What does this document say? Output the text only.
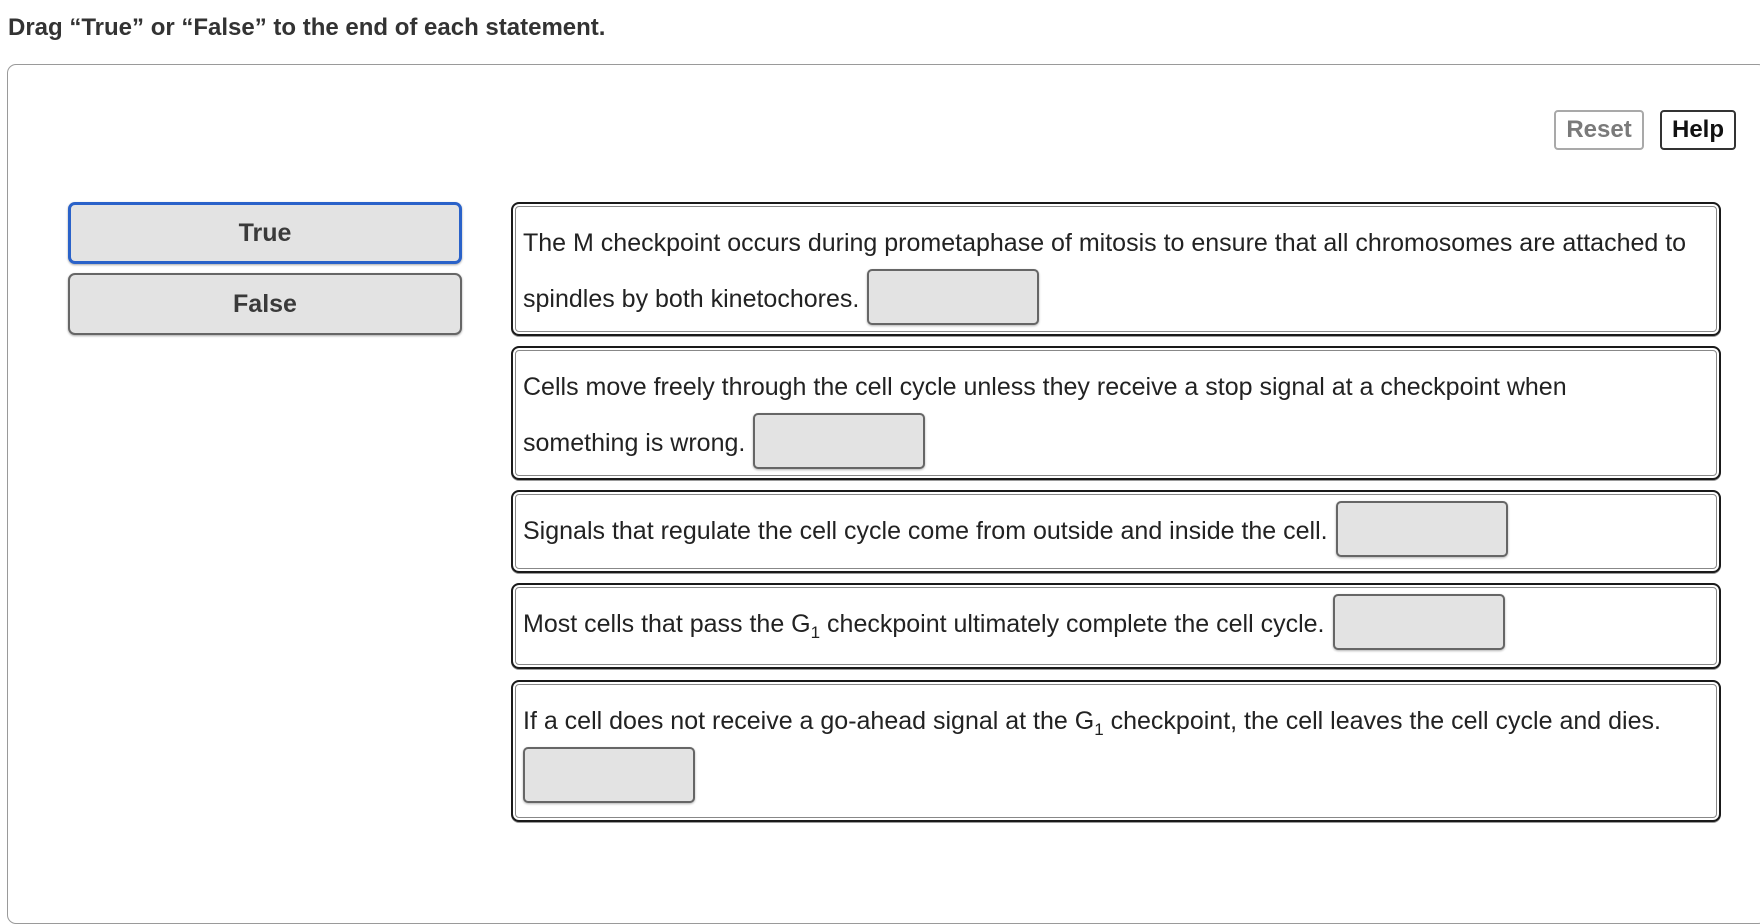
Drag “True” or “False” to the end of each statement.
Reset	Help
True
False
The M checkpoint occurs during prometaphase of mitosis to ensure that all chromosomes are attached to spindles by both kinetochores.
Cells move freely through the cell cycle unless they receive a stop signal at a checkpoint when something is wrong.
Signals that regulate the cell cycle come from outside and inside the cell.
Most cells that pass the $G_1$ checkpoint ultimately complete the cell cycle.
If a cell does not receive a go-ahead signal at the $G_1$ checkpoint, the cell leaves the cell cycle and dies.
